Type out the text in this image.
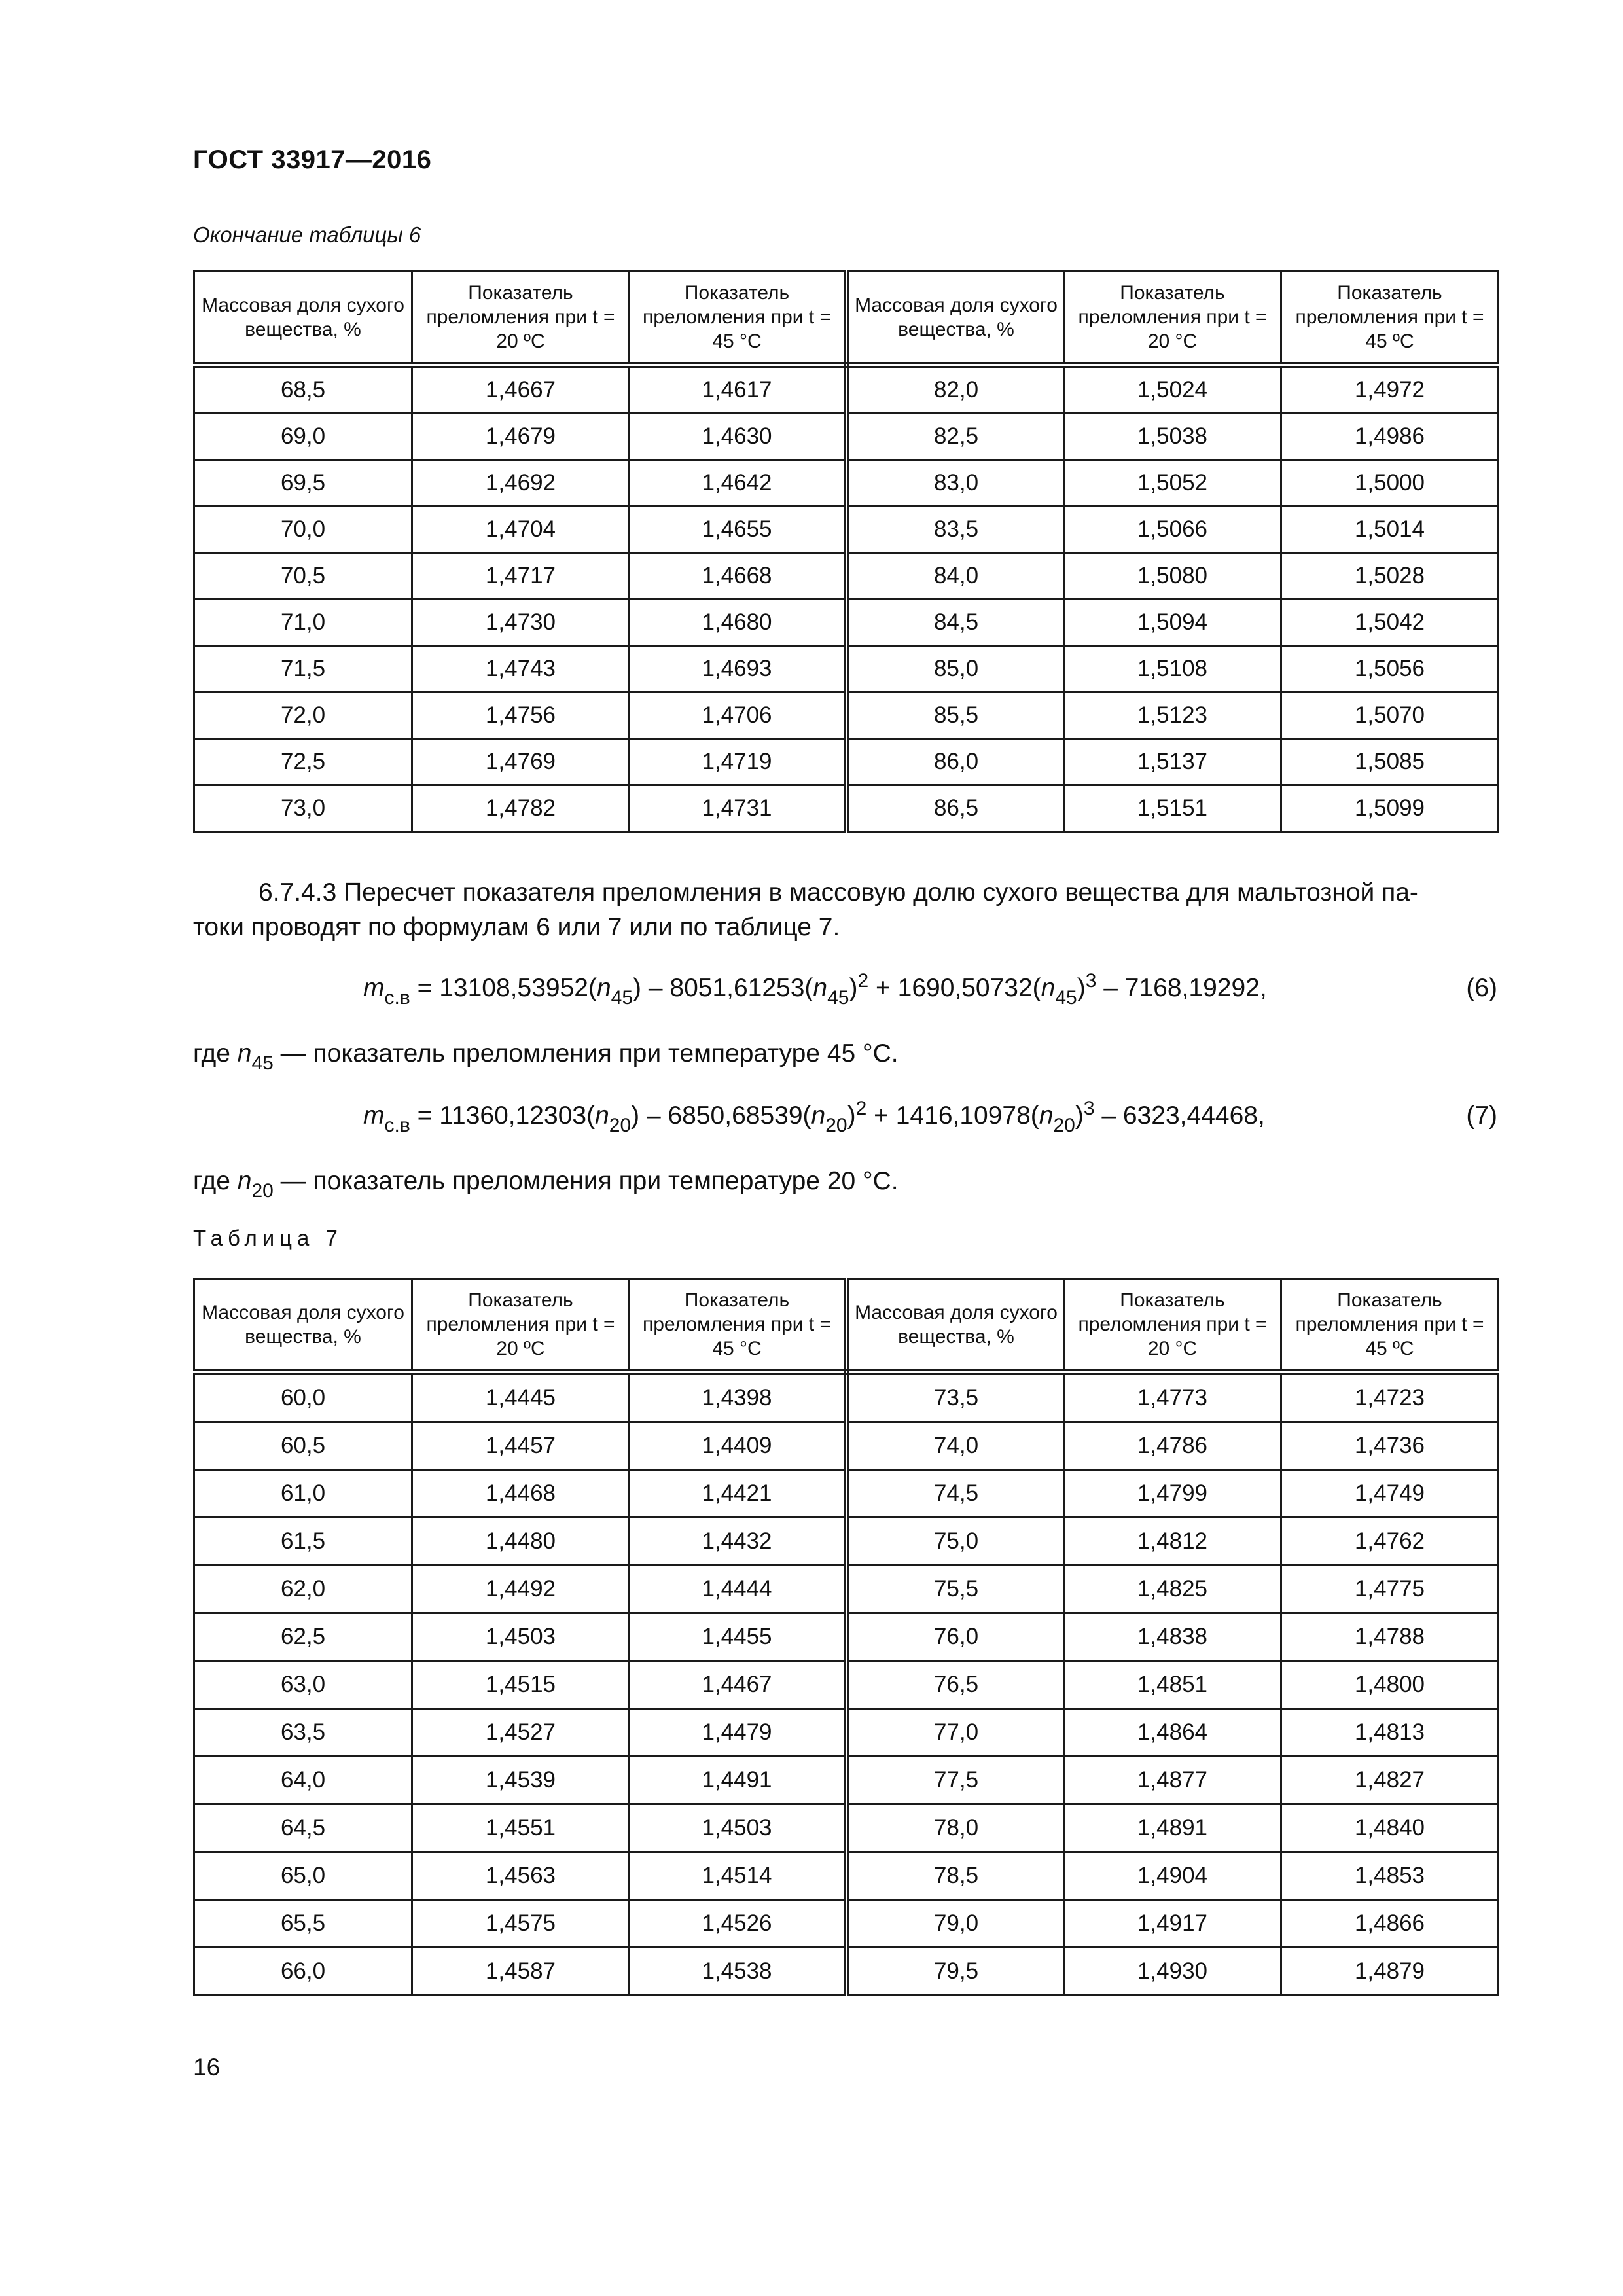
ГОСТ 33917—2016
Окончание таблицы 6
Массовая доля сухого вещества, %	Показатель преломления при t = 20 ºC	Показатель преломления при t = 45 °C	Массовая доля сухого вещества, %	Показатель преломления при t = 20 °C	Показатель преломления при t = 45 ºC
68,5	1,4667	1,4617	82,0	1,5024	1,4972
69,0	1,4679	1,4630	82,5	1,5038	1,4986
69,5	1,4692	1,4642	83,0	1,5052	1,5000
70,0	1,4704	1,4655	83,5	1,5066	1,5014
70,5	1,4717	1,4668	84,0	1,5080	1,5028
71,0	1,4730	1,4680	84,5	1,5094	1,5042
71,5	1,4743	1,4693	85,0	1,5108	1,5056
72,0	1,4756	1,4706	85,5	1,5123	1,5070
72,5	1,4769	1,4719	86,0	1,5137	1,5085
73,0	1,4782	1,4731	86,5	1,5151	1,5099
6.7.4.3 Пересчет показателя преломления в массовую долю сухого вещества для мальтозной па-
токи проводят по формулам 6 или 7 или по таблице 7.
$m_{с.в} = 13108,53952(n_{45}) - 8051,61253(n_{45})^2 + 1690,50732(n_{45})^3 - 7168,19292$,	(6)
где $n_{45}$ — показатель преломления при температуре 45 °С.
$m_{с.в} = 11360,12303(n_{20}) - 6850,68539(n_{20})^2 + 1416,10978(n_{20})^3 - 6323,44468$,	(7)
где $n_{20}$ — показатель преломления при температуре 20 °С.
Таблица 7
Массовая доля сухого вещества, %	Показатель преломления при t = 20 ºC	Показатель преломления при t = 45 °C	Массовая доля сухого вещества, %	Показатель преломления при t = 20 °C	Показатель преломления при t = 45 ºC
60,0	1,4445	1,4398	73,5	1,4773	1,4723
60,5	1,4457	1,4409	74,0	1,4786	1,4736
61,0	1,4468	1,4421	74,5	1,4799	1,4749
61,5	1,4480	1,4432	75,0	1,4812	1,4762
62,0	1,4492	1,4444	75,5	1,4825	1,4775
62,5	1,4503	1,4455	76,0	1,4838	1,4788
63,0	1,4515	1,4467	76,5	1,4851	1,4800
63,5	1,4527	1,4479	77,0	1,4864	1,4813
64,0	1,4539	1,4491	77,5	1,4877	1,4827
64,5	1,4551	1,4503	78,0	1,4891	1,4840
65,0	1,4563	1,4514	78,5	1,4904	1,4853
65,5	1,4575	1,4526	79,0	1,4917	1,4866
66,0	1,4587	1,4538	79,5	1,4930	1,4879
16
